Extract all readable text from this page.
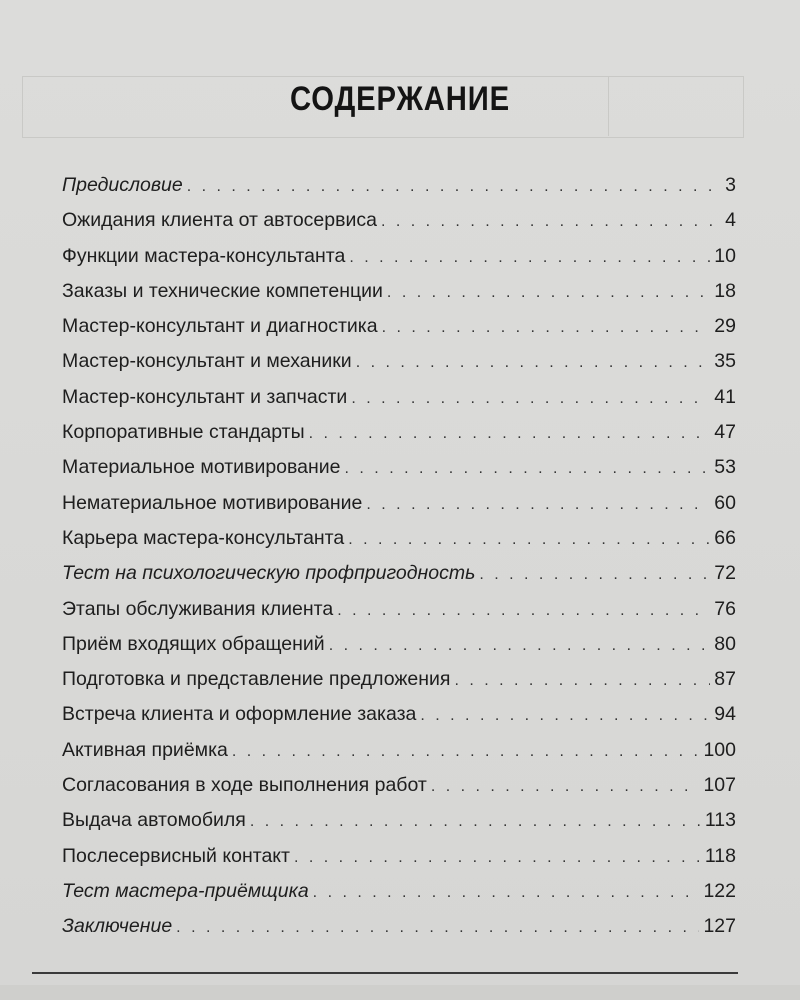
СОДЕРЖАНИЕ
Предисловие . . .	3
Ожидания клиента от автосервиса . . .	4
Функции мастера-консультанта . . .	10
Заказы и технические компетенции . . .	18
Мастер-консультант и диагностика . . .	29
Мастер-консультант и механики . . .	35
Мастер-консультант и запчасти . . .	41
Корпоративные стандарты . . .	47
Материальное мотивирование . . .	53
Нематериальное мотивирование . . .	60
Карьера мастера-консультанта . . .	66
Тест на психологическую профпригодность . . .	72
Этапы обслуживания клиента . . .	76
Приём входящих обращений . . .	80
Подготовка и представление предложения . . .	87
Встреча клиента и оформление заказа . . .	94
Активная приёмка . . .	100
Согласования в ходе выполнения работ . . .	107
Выдача автомобиля . . .	113
Послесервисный контакт . . .	118
Тест мастера-приёмщика . . .	122
Заключение . . .	127
